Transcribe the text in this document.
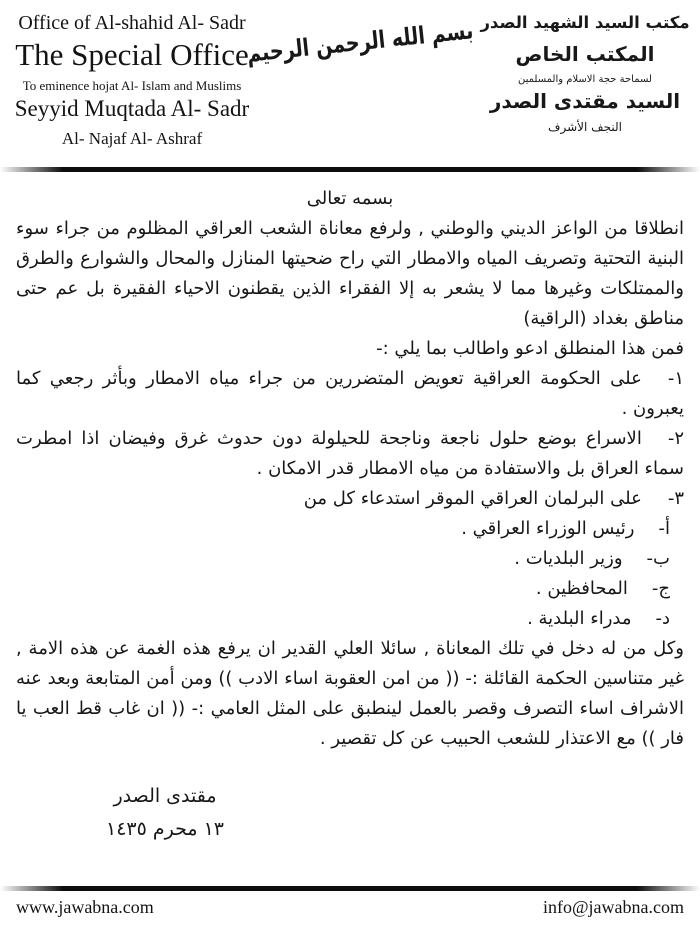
Office of Al-shahid Al- Sadr
The Special Office
To eminence hojat Al- Islam and Muslims
Seyyid Muqtada Al- Sadr
Al- Najaf Al- Ashraf
بسم الله الرحمن الرحيم مكتب السيد الشهيد الصدر
المكتب الخاص
لسماحة حجة الاسلام والمسلمين
السيد مقتدى الصدر
النجف الأشرف
بسمه تعالى
انطلاقا من الواعز الديني والوطني , ولرفع معاناة الشعب العراقي المظلوم من جراء سوء البنية التحتية وتصريف المياه والامطار التي راح ضحيتها المنازل والمحال والشوارع والطرق والممتلكات وغيرها مما لا يشعر به إلا الفقراء الذين يقطنون الاحياء الفقيرة بل عم حتى مناطق بغداد (الراقية)
فمن هذا المنطلق ادعو واطالب بما يلي :-
١-على الحكومة العراقية تعويض المتضررين من جراء مياه الامطار وبأثر رجعي كما يعبرون .
٢-الاسراع بوضع حلول ناجعة وناجحة للحيلولة دون حدوث غرق وفيضان اذا امطرت سماء العراق بل والاستفادة من مياه الامطار قدر الامكان .
٣-على البرلمان العراقي الموقر استدعاء كل من
أ-رئيس الوزراء العراقي .
ب-وزير البلديات .
ج-المحافظين .
د-مدراء البلدية .
وكل من له دخل في تلك المعاناة , سائلا العلي القدير ان يرفع هذه الغمة عن هذه الامة , غير متناسين الحكمة القائلة :- (( من امن العقوبة اساء الادب )) ومن أمن المتابعة وبعد عنه الاشراف اساء التصرف وقصر بالعمل لينطبق على المثل العامي :- (( ان غاب قط العب يا فار )) مع الاعتذار للشعب الحبيب عن كل تقصير .
مقتدى الصدر
١٣ محرم ١٤٣٥
www.jawabna.com	info@jawabna.com
